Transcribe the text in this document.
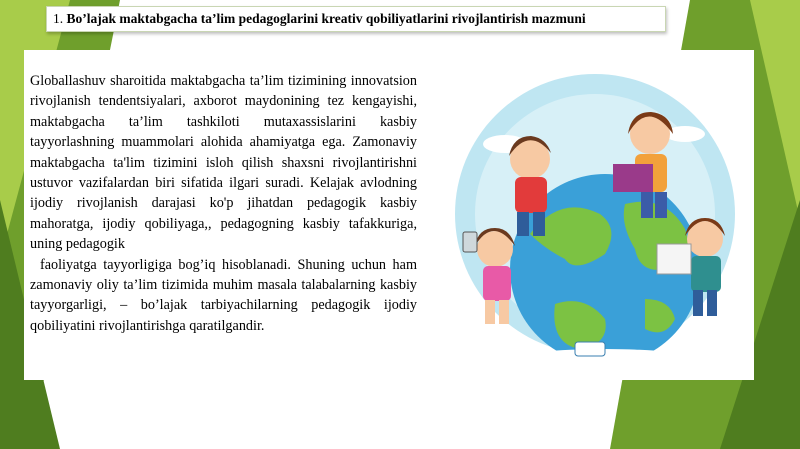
1. Bo’lajak maktabgacha ta’lim pedagoglarini kreativ qobiliyatlarini rivojlantirish mazmuni

Globallashuv sharoitida maktabgacha ta’lim tizimining innovatsion rivojlanish tendentsiyalari, axborot maydonining tez kengayishi, maktabgacha ta’lim tashkiloti mutaxassislarini kasbiy tayyorlashning muammolari alohida ahamiyatga ega. Zamonaviy maktabgacha ta'lim tizimini isloh qilish shaxsni rivojlantirishni ustuvor vazifalardan biri sifatida ilgari suradi. Kelajak avlodning ijodiy rivojlanish darajasi ko'p jihatdan pedagogik kasbiy mahoratga, ijodiy qobiliyaga,, pedagogning kasbiy tafakkuriga, uning pedagogik

faoliyatga tayyorligiga bog’iq hisoblanadi. Shuning uchun ham zamonaviy oliy ta’lim tizimida muhim masala talabalarning kasbiy tayyorgarligi, – bo’lajak tarbiyachilarning pedagogik ijodiy qobiliyatini rivojlantirishga qaratilgandir.
